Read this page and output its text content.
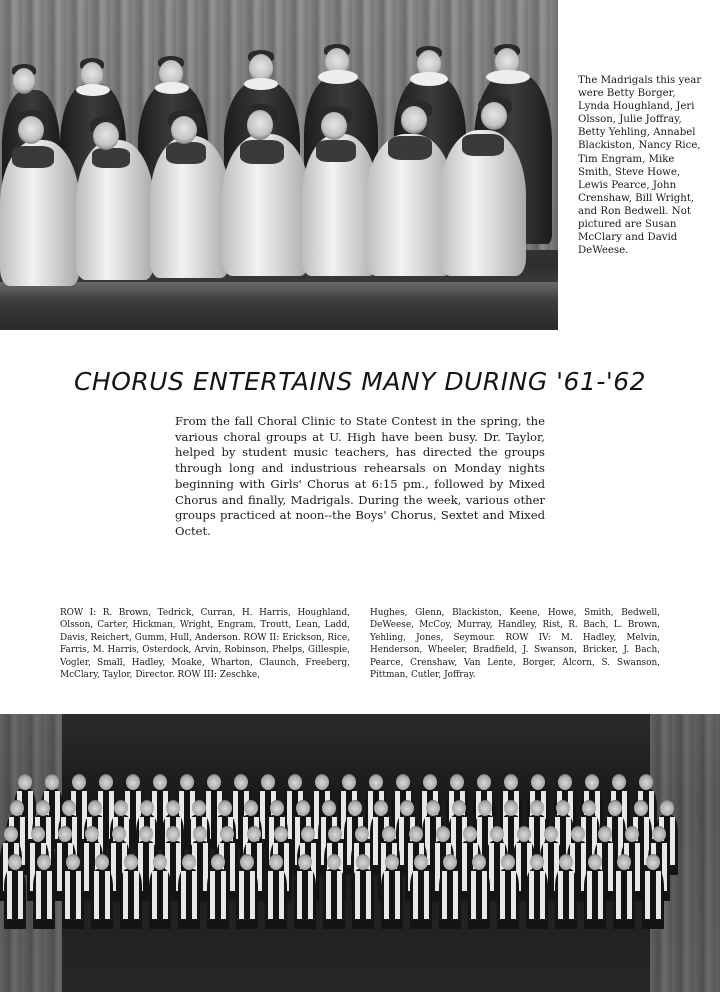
The Madrigals this year were Betty Borger, Lynda Houghland, Jeri Olsson, Julie Joffray, Betty Yehling, Annabel Blackiston, Nancy Rice, Tim Engram, Mike Smith, Steve Howe, Lewis Pearce, John Crenshaw, Bill Wright, and Ron Bedwell. Not pictured are Susan McClary and David DeWeese.

CHORUS ENTERTAINS MANY DURING '61-'62

From the fall Choral Clinic to State Contest in the spring, the various choral groups at U. High have been busy. Dr. Taylor, helped by student music teachers, has directed the groups through long and industrious rehearsals on Monday nights beginning with Girls' Chorus at 6:15 pm., followed by Mixed Chorus and finally, Madrigals. During the week, various other groups practiced at noon--the Boys' Chorus, Sextet and Mixed Octet.

ROW I: R. Brown, Tedrick, Curran, H. Harris, Houghland, Olsson, Carter, Hickman, Wright, Engram, Troutt, Lean, Ladd, Davis, Reichert, Gumm, Hull, Anderson. ROW II: Erickson, Rice, Farris, M. Harris, Osterdock, Arvin, Robinson, Phelps, Gillespie, Vogler, Small, Hadley, Moake, Wharton, Claunch, Freeberg, McClary, Taylor, Director. ROW III: Zeschke,

Hughes, Glenn, Blackiston, Keene, Howe, Smith, Bedwell, DeWeese, McCoy, Murray, Handley, Rist, R. Bach, L. Brown, Yehling, Jones, Seymour. ROW IV: M. Hadley, Melvin, Henderson, Wheeler, Bradfield, J. Swanson, Bricker, J. Bach, Pearce, Crenshaw, Van Lente, Borger, Alcorn, S. Swanson, Pittman, Cutler, Joffray.
